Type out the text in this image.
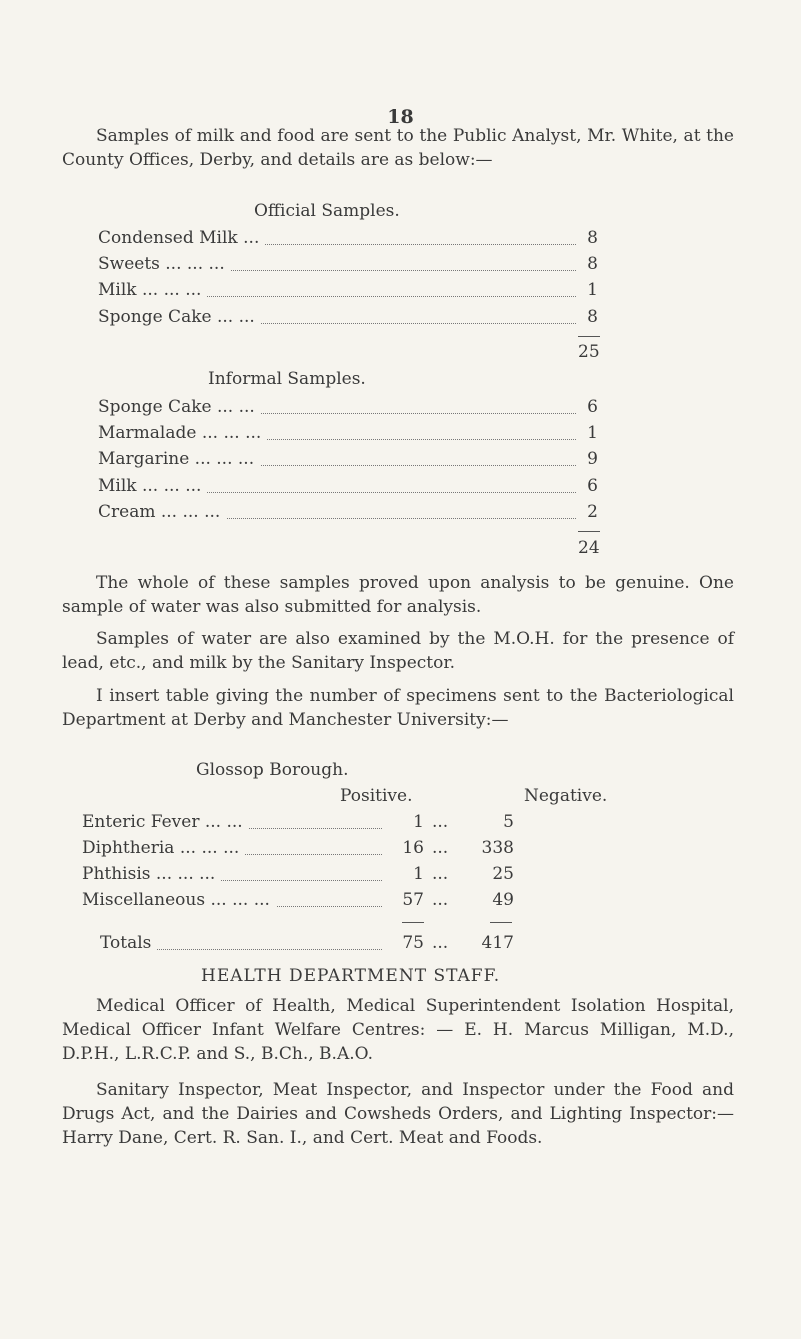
18

Samples of milk and food are sent to the Public Analyst, Mr. White, at the County Offices, Derby, and details are as below:—

Official Samples.
Condensed Milk ...	8
Sweets ... ... ...	8
Milk ... ... ...	1
Sponge Cake ... ...	8
25
Informal Samples.
Sponge Cake ... ...	6
Marmalade ... ... ...	1
Margarine ... ... ...	9
Milk ... ... ...	6
Cream ... ... ...	2
24

The whole of these samples proved upon analysis to be genuine. One sample of water was also submitted for analysis.

Samples of water are also examined by the M.O.H. for the presence of lead, etc., and milk by the Sanitary Inspector.

I insert table giving the number of specimens sent to the Bacteriological Department at Derby and Manchester University:—

Glossop Borough.
Positive.	Negative.
Enteric Fever ... ...	1 ...	5
Diphtheria ... ... ...	16 ...	338
Phthisis ... ... ...	1 ...	25
Miscellaneous ... ... ...	57 ...	49
Totals	75 ...	417
HEALTH DEPARTMENT STAFF.

Medical Officer of Health, Medical Superintendent Isolation Hospital, Medical Officer Infant Welfare Centres: — E. H. Marcus Milligan, M.D., D.P.H., L.R.C.P. and S., B.Ch., B.A.O.

Sanitary Inspector, Meat Inspector, and Inspector under the Food and Drugs Act, and the Dairies and Cowsheds Orders, and Lighting Inspector:—Harry Dane, Cert. R. San. I., and Cert. Meat and Foods.
